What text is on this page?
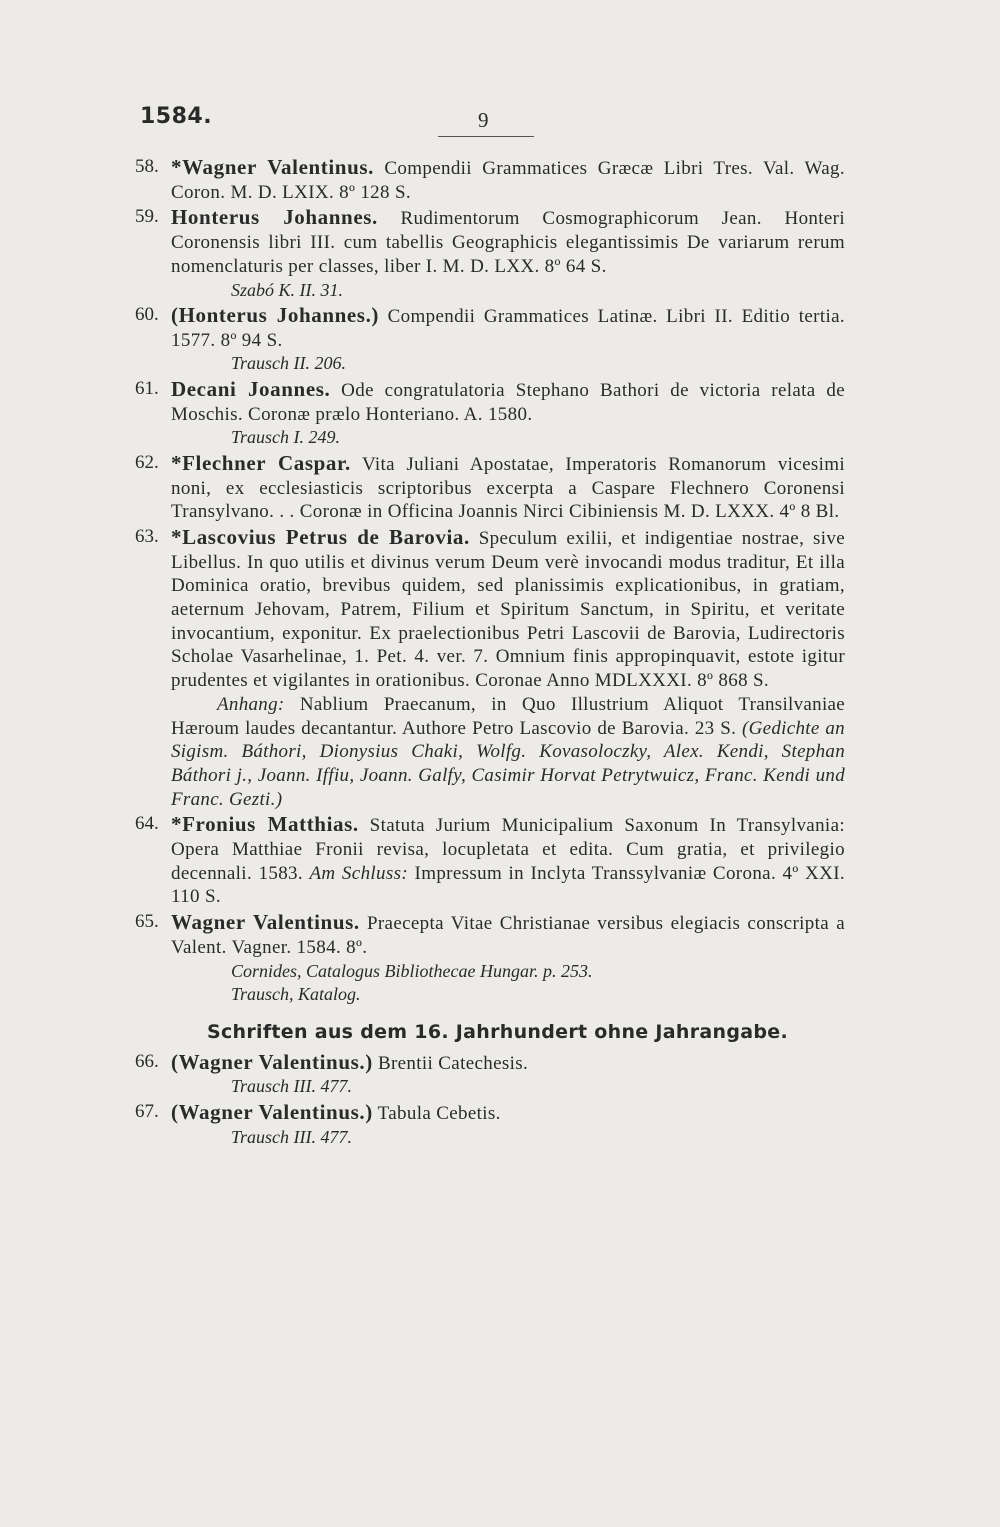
1584.	9
58. *Wagner Valentinus. Compendii Grammatices Græcæ Libri Tres. Val. Wag. Coron. M. D. LXIX. 8º 128 S.
59. Honterus Johannes. Rudimentorum Cosmographicorum Jean. Honteri Coronensis libri III. cum tabellis Geographicis elegantissimis De variarum rerum nomenclaturis per classes, liber I. M. D. LXX. 8º 64 S.
Szabó K. II. 31.
60. (Honterus Johannes.) Compendii Grammatices Latinæ. Libri II. Editio tertia. 1577. 8º 94 S.
Trausch II. 206.
61. Decani Joannes. Ode congratulatoria Stephano Bathori de victoria relata de Moschis. Coronæ prælo Honteriano. A. 1580.
Trausch I. 249.
62. *Flechner Caspar. Vita Juliani Apostatae, Imperatoris Romanorum vicesimi noni, ex ecclesiasticis scriptoribus excerpta a Caspare Flechnero Coronensi Transylvano. . . Coronæ in Officina Joannis Nirci Cibiniensis M. D. LXXX. 4º 8 Bl.
63. *Lascovius Petrus de Barovia. Speculum exilii, et indigentiae nostrae, sive Libellus. In quo utilis et divinus verum Deum verè invocandi modus traditur, Et illa Dominica oratio, brevibus quidem, sed planissimis explicationibus, in gratiam, aeternum Jehovam, Patrem, Filium et Spiritum Sanctum, in Spiritu, et veritate invocantium, exponitur. Ex praelectionibus Petri Lascovii de Barovia, Ludirectoris Scholae Vasarhelinae, 1. Pet. 4. ver. 7. Omnium finis appropinquavit, estote igitur prudentes et vigilantes in orationibus. Coronae Anno MDLXXXI. 8º 868 S.
Anhang: Nablium Praecanum, in Quo Illustrium Aliquot Transilvaniae Hæroum laudes decantantur. Authore Petro Lascovio de Barovia. 23 S. (Gedichte an Sigism. Báthori, Dionysius Chaki, Wolfg. Kovasoloczky, Alex. Kendi, Stephan Báthori j., Joann. Iffiu, Joann. Galfy, Casimir Horvat Petrytwuicz, Franc. Kendi und Franc. Gezti.)
64. *Fronius Matthias. Statuta Jurium Municipalium Saxonum In Transylvania: Opera Matthiae Fronii revisa, locupletata et edita. Cum gratia, et privilegio decennali. 1583. Am Schluss: Impressum in Inclyta Transsylvaniæ Corona. 4º XXI. 110 S.
65. Wagner Valentinus. Praecepta Vitae Christianae versibus elegiacis conscripta a Valent. Vagner. 1584. 8º.
Cornides, Catalogus Bibliothecae Hungar. p. 253.
Trausch, Katalog.
Schriften aus dem 16. Jahrhundert ohne Jahrangabe.
66. (Wagner Valentinus.) Brentii Catechesis.
Trausch III. 477.
67. (Wagner Valentinus.) Tabula Cebetis.
Trausch III. 477.
